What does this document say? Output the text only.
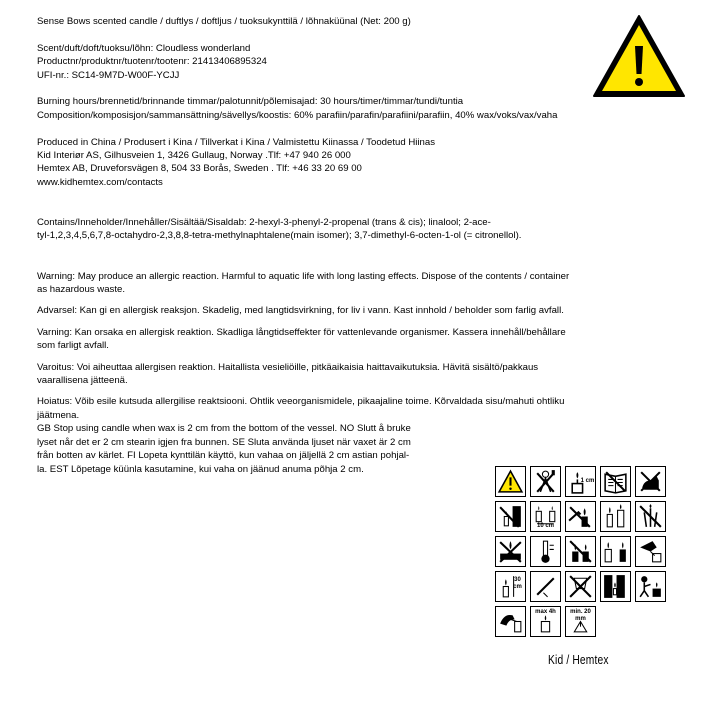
Sense Bows scented candle / duftlys / doftljus / tuoksukynttilä / lõhnaküünal (Net: 200 g)

Scent/duft/doft/tuoksu/lõhn: Cloudless wonderland

Productnr/produktnr/tuotenr/tootenr: 21413406895324

UFI-nr.: SC14-9M7D-W00F-YCJJ

Burning hours/brennetid/brinnande timmar/palotunnit/põlemisajad: 30 hours/timer/timmar/tundi/tuntia

Composition/komposisjon/sammansättning/sävellys/koostis: 60% parafiin/parafin/parafiini/parafiin, 40% wax/voks/vax/vaha

Produced in China / Produsert i Kina / Tillverkat i Kina / Valmistettu Kiinassa / Toodetud Hiinas

Kid Interiør AS, Gilhusveien 1, 3426 Gullaug, Norway .Tlf: +47 940 26 000

Hemtex AB, Druveforsvägen 8, 504 33 Borås, Sweden . Tlf: +46 33 20 69 00

www.kidhemtex.com/contacts

Contains/Inneholder/Innehåller/Sisältää/Sisaldab: 2-hexyl-3-phenyl-2-propenal (trans & cis); linalool; 2-ace-
tyl-1,2,3,4,5,6,7,8-octahydro-2,3,8,8-tetra-methylnaphtalene(main isomer); 3,7-dimethyl-6-octen-1-ol (= citronellol).

Warning: May produce an allergic reaction. Harmful to aquatic life with long lasting effects. Dispose of the contents / container
as hazardous waste.

Advarsel: Kan gi en allergisk reaksjon. Skadelig, med langtidsvirkning, for liv i vann. Kast innhold / beholder som farlig avfall.

Varning: Kan orsaka en allergisk reaktion. Skadliga långtidseffekter för vattenlevande organismer. Kassera innehåll/behållare
som farligt avfall.

Varoitus: Voi aiheuttaa allergisen reaktion. Haitallista vesieliöille, pitkäaikaisia haittavaikutuksia. Hävitä sisältö/pakkaus
vaarallisena jätteenä.

Hoiatus: Võib esile kutsuda allergilise reaktsiooni. Ohtlik veeorganismidele, pikaajaline toime. Kõrvaldada sisu/mahuti ohtliku
jäätmena.

GB Stop using candle when wax is 2 cm from the bottom of the vessel. NO Slutt å bruke
lyset når det er 2 cm stearin igjen fra bunnen. SE Sluta använda ljuset när vaxet är 2 cm
från botten av kärlet. FI Lopeta kynttilän käyttö, kun vahaa on jäljellä 2 cm astian pohjal-
la. EST Lõpetage küünla kasutamine, kui vaha on jäänud anuma põhja 2 cm.

1 cm
10 cm
30 cm
max 4h	min. 20 mm
Kid / Hemtex
